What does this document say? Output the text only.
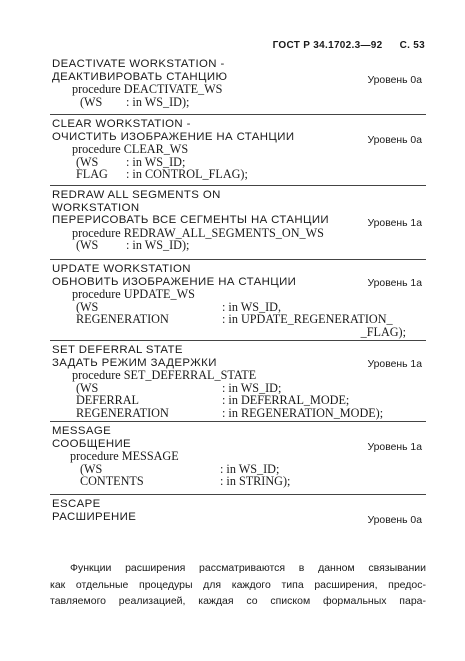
ГОСТ Р 34.1702.3—92 С. 53
DEACTIVATE WORKSTATION -
ДЕАКТИВИРОВАТЬ СТАНЦИЮ	Уровень 0а
procedure DEACTIVATE_WS
(WS	: in WS_ID);
CLEAR WORKSTATION -
ОЧИСТИТЬ ИЗОБРАЖЕНИЕ НА СТАНЦИИ	Уровень 0а
procedure CLEAR_WS
(WS	: in WS_ID;
FLAG	: in CONTROL_FLAG);
REDRAW ALL SEGMENTS ON
WORKSTATION
ПЕРЕРИСОВАТЬ ВСЕ СЕГМЕНТЫ НА СТАНЦИИ	Уровень 1а
procedure REDRAW_ALL_SEGMENTS_ON_WS
(WS	: in WS_ID);
UPDATE WORKSTATION
ОБНОВИТЬ ИЗОБРАЖЕНИЕ НА СТАНЦИИ	Уровень 1а
procedure UPDATE_WS
(WS	: in WS_ID,
REGENERATION	: in UPDATE_REGENERATION_
_FLAG);
SET DEFERRAL STATE
ЗАДАТЬ РЕЖИМ ЗАДЕРЖКИ	Уровень 1а
procedure SET_DEFERRAL_STATE
(WS	: in WS_ID;
DEFERRAL	: in DEFERRAL_MODE;
REGENERATION	: in REGENERATION_MODE);
MESSAGE
СООБЩЕНИЕ	Уровень 1а
procedure MESSAGE
(WS	: in WS_ID;
CONTENTS	: in STRING);
ESCAPE
РАСШИРЕНИЕ	Уровень 0а
Функции расширения рассматриваются в данном связывании
как отдельные процедуры для каждого типа расширения, предос-
тавляемого реализацией, каждая со списком формальных пара-
